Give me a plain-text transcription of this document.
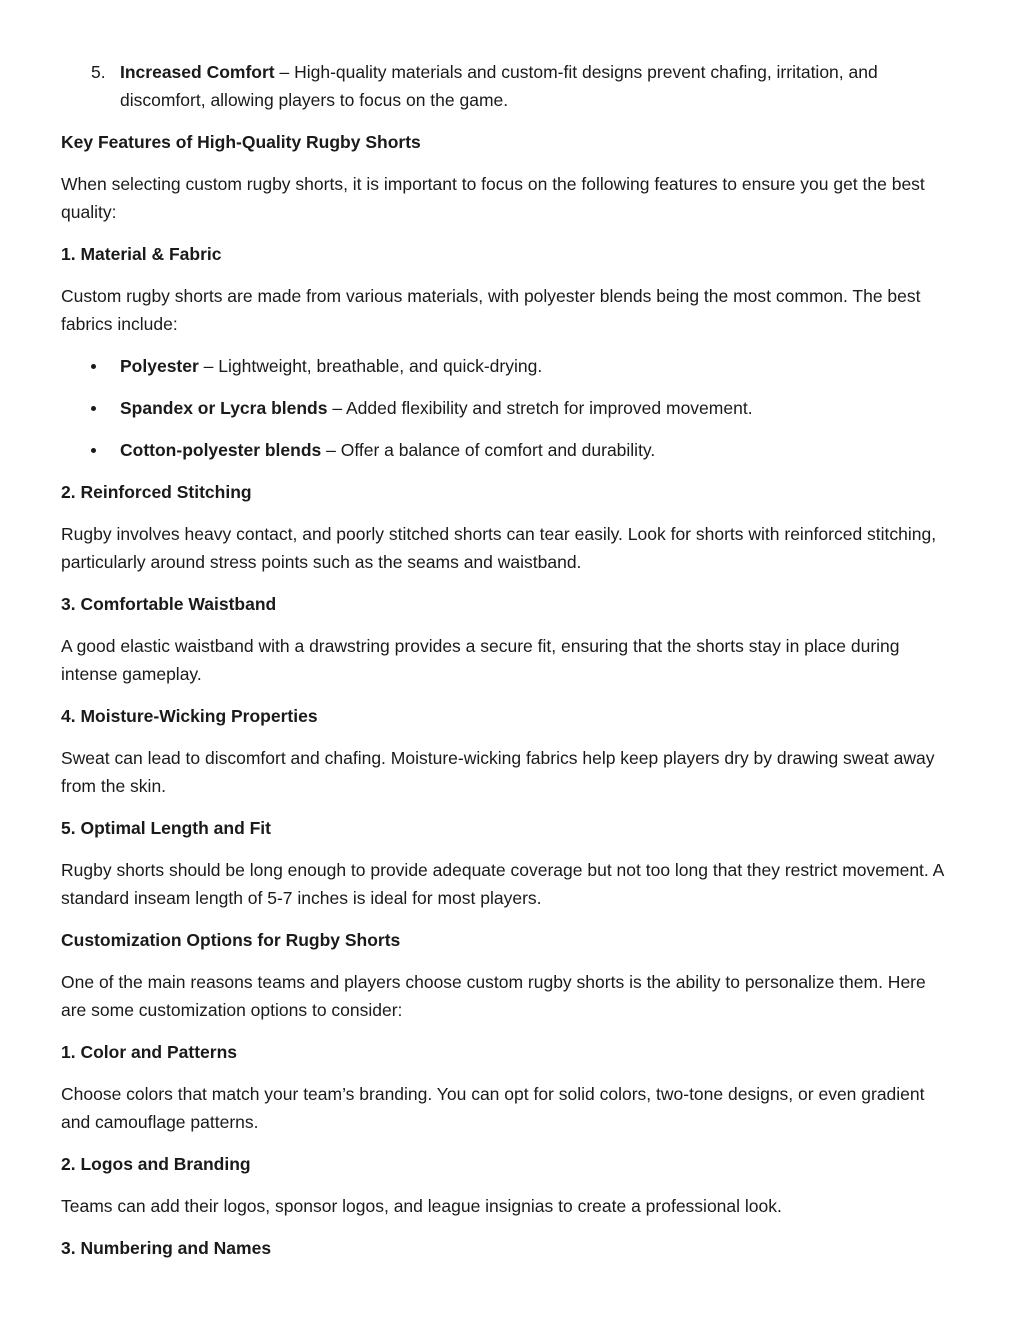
5. Increased Comfort – High-quality materials and custom-fit designs prevent chafing, irritation, and discomfort, allowing players to focus on the game.
Key Features of High-Quality Rugby Shorts

When selecting custom rugby shorts, it is important to focus on the following features to ensure you get the best quality:

1. Material & Fabric

Custom rugby shorts are made from various materials, with polyester blends being the most common. The best fabrics include:

Polyester – Lightweight, breathable, and quick-drying.
Spandex or Lycra blends – Added flexibility and stretch for improved movement.
Cotton-polyester blends – Offer a balance of comfort and durability.
2. Reinforced Stitching

Rugby involves heavy contact, and poorly stitched shorts can tear easily. Look for shorts with reinforced stitching, particularly around stress points such as the seams and waistband.

3. Comfortable Waistband

A good elastic waistband with a drawstring provides a secure fit, ensuring that the shorts stay in place during intense gameplay.

4. Moisture-Wicking Properties

Sweat can lead to discomfort and chafing. Moisture-wicking fabrics help keep players dry by drawing sweat away from the skin.

5. Optimal Length and Fit

Rugby shorts should be long enough to provide adequate coverage but not too long that they restrict movement. A standard inseam length of 5-7 inches is ideal for most players.

Customization Options for Rugby Shorts

One of the main reasons teams and players choose custom rugby shorts is the ability to personalize them. Here are some customization options to consider:

1. Color and Patterns

Choose colors that match your team’s branding. You can opt for solid colors, two-tone designs, or even gradient and camouflage patterns.

2. Logos and Branding

Teams can add their logos, sponsor logos, and league insignias to create a professional look.

3. Numbering and Names
